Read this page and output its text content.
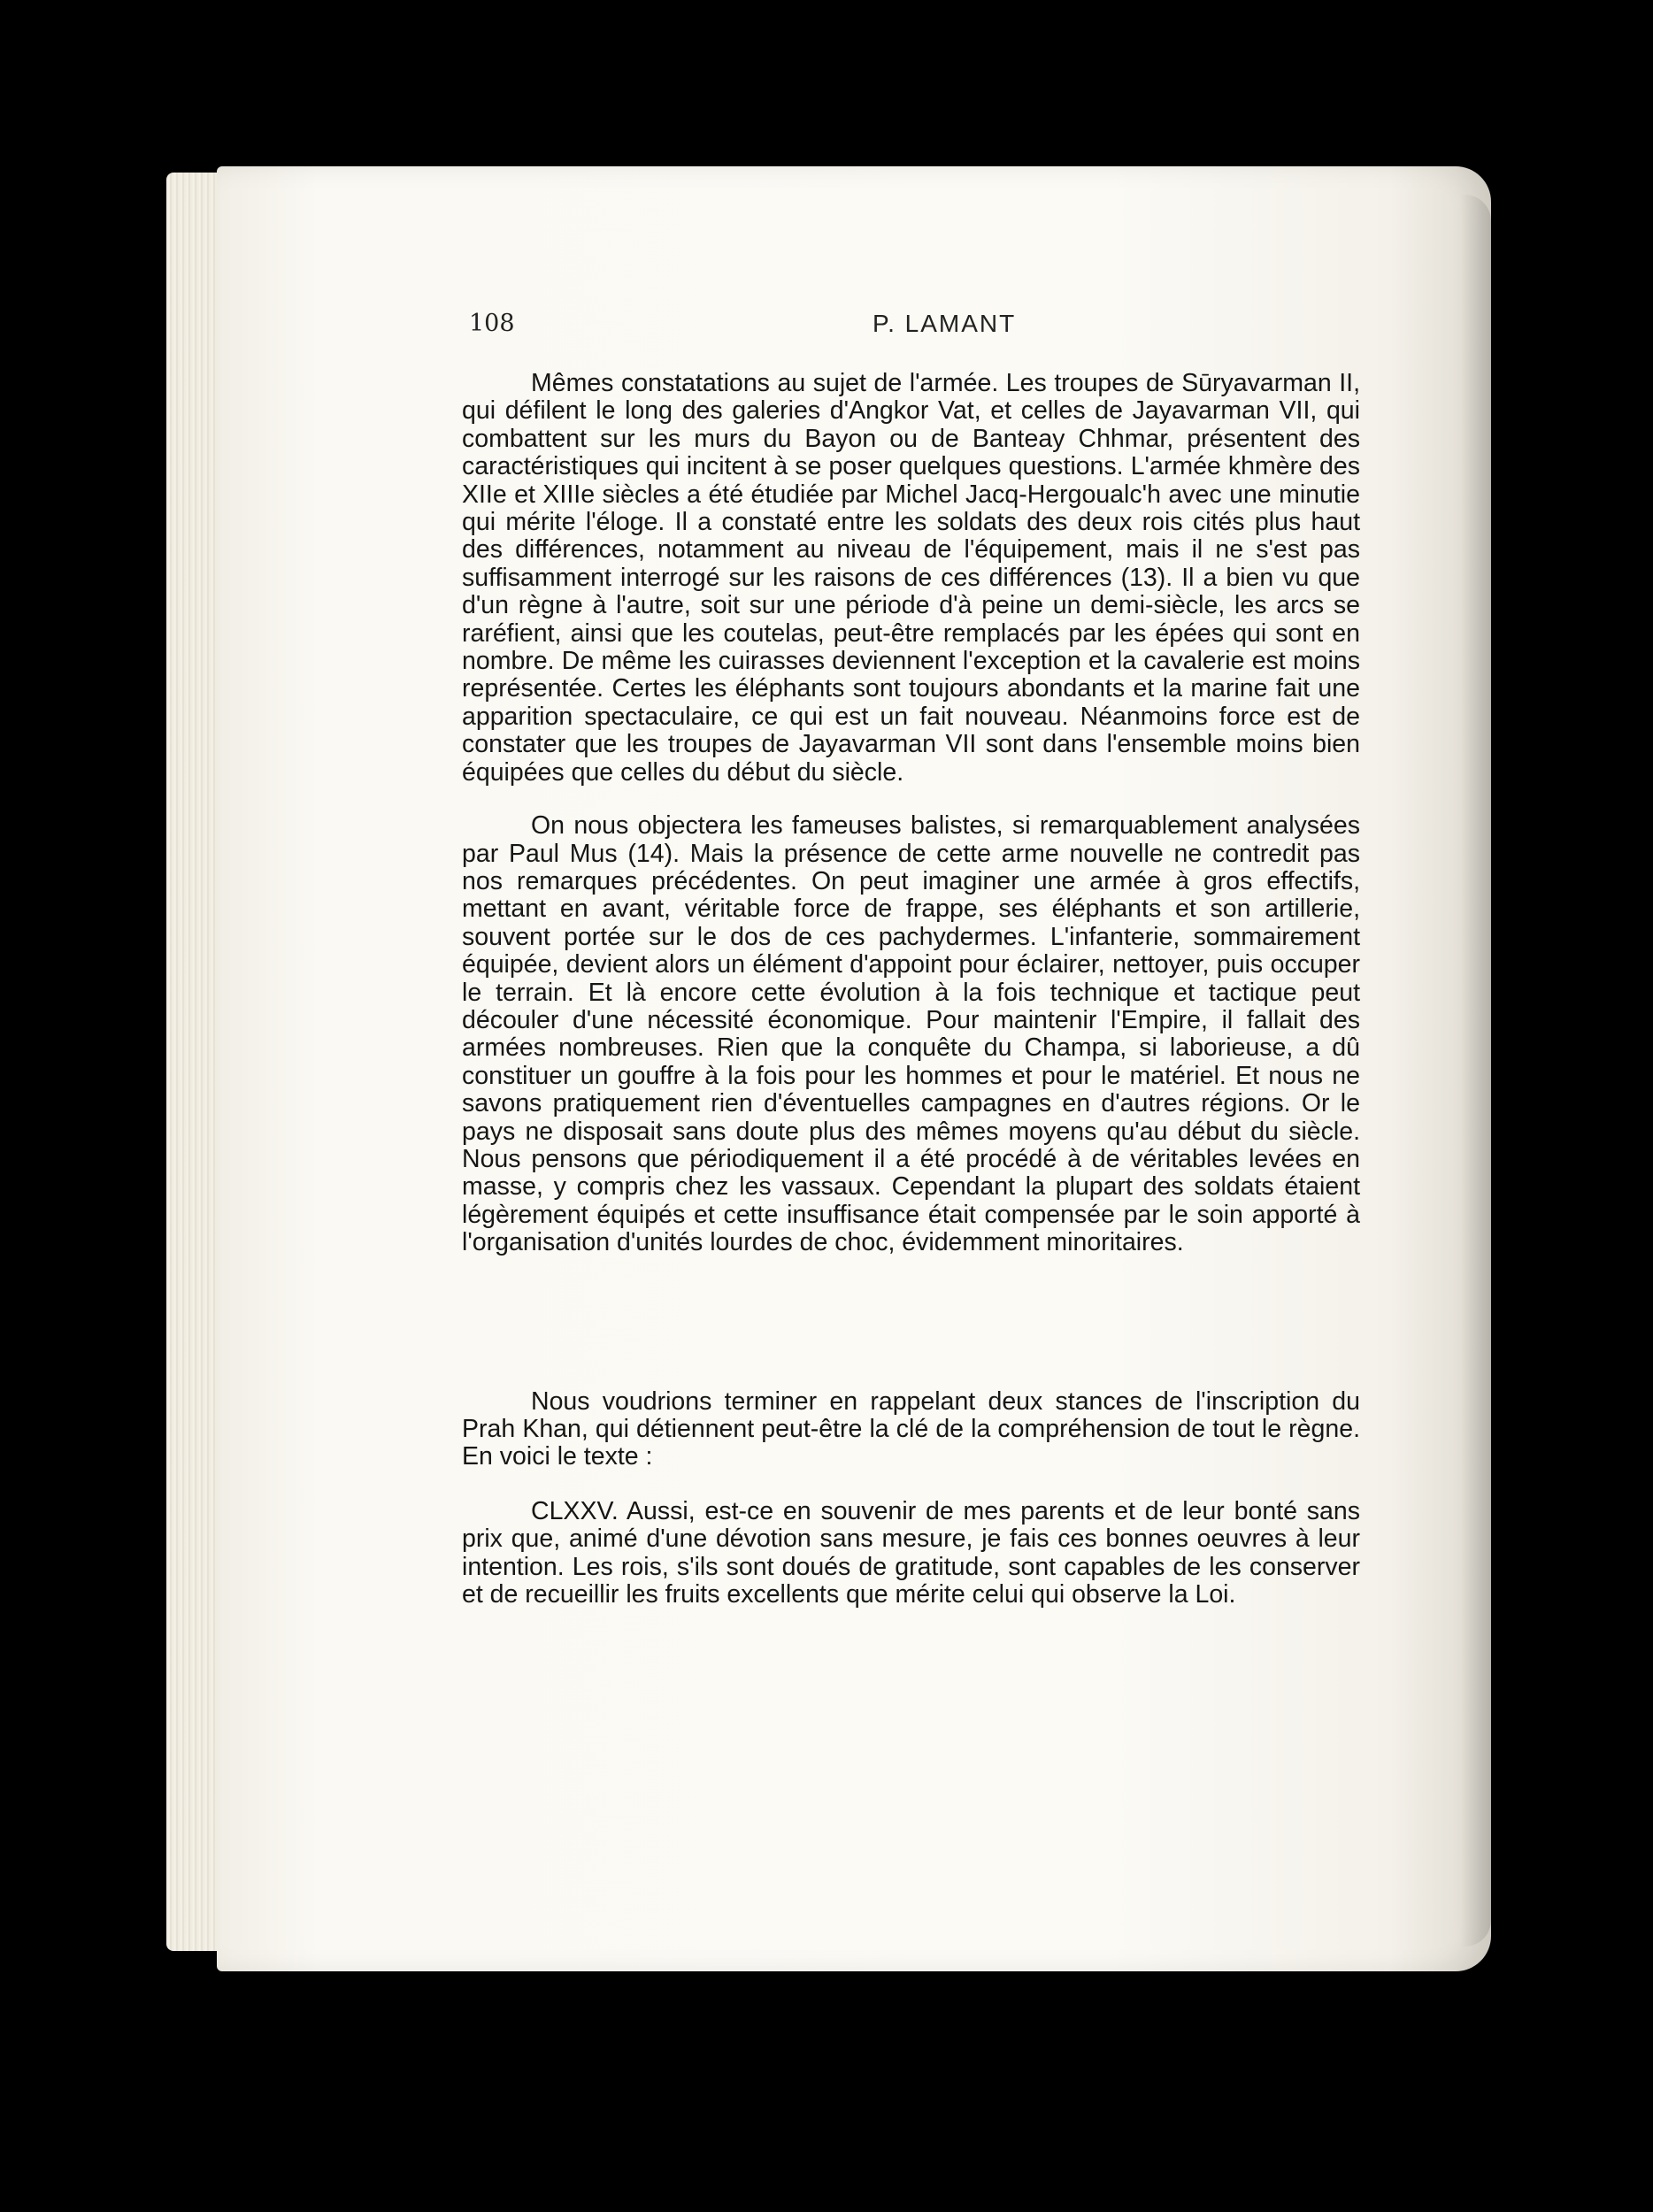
108	P. LAMANT

Mêmes constatations au sujet de l'armée. Les troupes de Sūryavarman II, qui défilent le long des galeries d'Angkor Vat, et celles de Jayavarman VII, qui combattent sur les murs du Bayon ou de Banteay Chhmar, présentent des caractéristiques qui incitent à se poser quelques questions. L'armée khmère des XIIe et XIIIe siècles a été étudiée par Michel Jacq-Hergoualc'h avec une minutie qui mérite l'éloge. Il a constaté entre les soldats des deux rois cités plus haut des différences, notamment au niveau de l'équipement, mais il ne s'est pas suffisamment interrogé sur les raisons de ces différences (13). Il a bien vu que d'un règne à l'autre, soit sur une période d'à peine un demi-siècle, les arcs se raréfient, ainsi que les coutelas, peut-être remplacés par les épées qui sont en nombre. De même les cuirasses deviennent l'exception et la cavalerie est moins représentée. Certes les éléphants sont toujours abondants et la marine fait une apparition spectaculaire, ce qui est un fait nouveau. Néanmoins force est de constater que les troupes de Jayavarman VII sont dans l'ensemble moins bien équipées que celles du début du siècle.

On nous objectera les fameuses balistes, si remarquablement analysées par Paul Mus (14). Mais la présence de cette arme nouvelle ne contredit pas nos remarques précédentes. On peut imaginer une armée à gros effectifs, mettant en avant, véritable force de frappe, ses éléphants et son artillerie, souvent portée sur le dos de ces pachydermes. L'infanterie, sommairement équipée, devient alors un élément d'appoint pour éclairer, nettoyer, puis occuper le terrain. Et là encore cette évolution à la fois technique et tactique peut découler d'une nécessité économique. Pour maintenir l'Empire, il fallait des armées nombreuses. Rien que la conquête du Champa, si laborieuse, a dû constituer un gouffre à la fois pour les hommes et pour le matériel. Et nous ne savons pratiquement rien d'éventuelles campagnes en d'autres régions. Or le pays ne disposait sans doute plus des mêmes moyens qu'au début du siècle. Nous pensons que périodiquement il a été procédé à de véritables levées en masse, y compris chez les vassaux. Cependant la plupart des soldats étaient légèrement équipés et cette insuffisance était compensée par le soin apporté à l'organisation d'unités lourdes de choc, évidemment minoritaires.

Nous voudrions terminer en rappelant deux stances de l'inscription du Prah Khan, qui détiennent peut-être la clé de la compréhension de tout le règne. En voici le texte :

CLXXV. Aussi, est-ce en souvenir de mes parents et de leur bonté sans prix que, animé d'une dévotion sans mesure, je fais ces bonnes oeuvres à leur intention. Les rois, s'ils sont doués de gratitude, sont capables de les conserver et de recueillir les fruits excellents que mérite celui qui observe la Loi.
